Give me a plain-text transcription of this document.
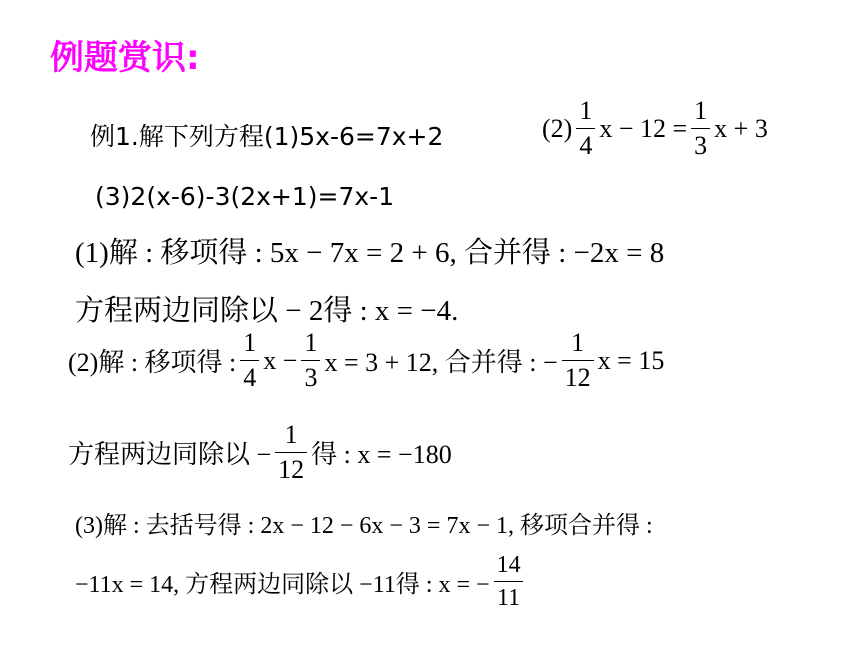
例题赏识:
例1.解下列方程(1)5x-6=7x+2	$(2) \frac{1}{4}$ $x - 12 = \frac{1}{3}$ x + 3
(3)2(x-6)-3(2x+1)=7x-1
(1)解 : 移项得 : 5x − 7x = 2 + 6, 合并得 : −2x = 8
方程两边同除以 − 2得 : x = −4.
(2)解 : 移项得 : $\frac{1}{4}$ $x - \frac{1}{3}$ x = 3 + 12, 合并得 : − $\frac{1}{12}$ x = 15
方程两边同除以 − $\frac{1}{12}$ 得 : x = −180
(3)解 : 去括号得 : 2x − 12 − 6x − 3 = 7x − 1, 移项合并得 :
−11x = 14, 方程两边同除以 −11得 : x = − $\frac{14}{11}$
